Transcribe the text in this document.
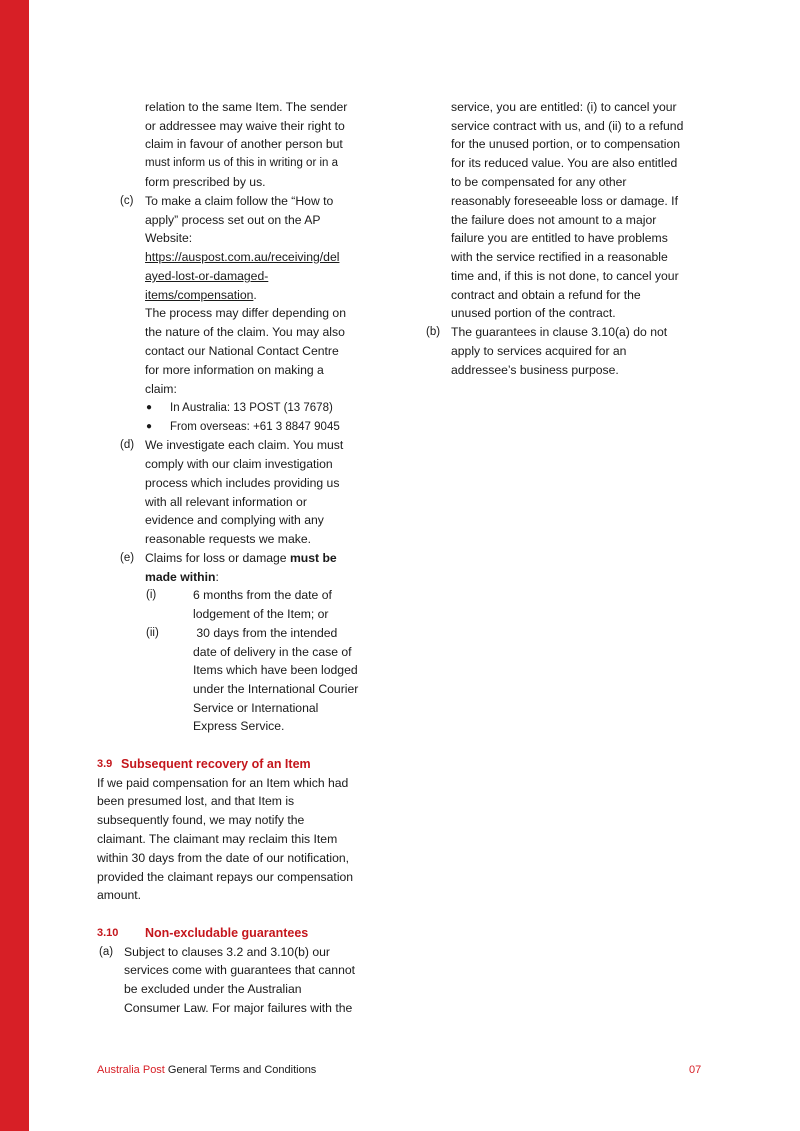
relation to the same Item. The sender
or addressee may waive their right to
claim in favour of another person but
must inform us of this in writing or in a
form prescribed by us.
(c) To make a claim follow the “How to
apply” process set out on the AP
Website:
https://auspost.com.au/receiving/del
ayed-lost-or-damaged-
items/compensation.
The process may differ depending on
the nature of the claim. You may also
contact our National Contact Centre
for more information on making a
claim:
● In Australia: 13 POST (13 7678)
● From overseas: +61 3 8847 9045
(d) We investigate each claim. You must
comply with our claim investigation
process which includes providing us
with all relevant information or
evidence and complying with any
reasonable requests we make.
(e) Claims for loss or damage must be
made within:
(i)	6 months from the date of
lodgement of the Item; or
(ii)	30 days from the intended
date of delivery in the case of
Items which have been lodged
under the International Courier
Service or International
Express Service.
3.9 Subsequent recovery of an Item
If we paid compensation for an Item which had
been presumed lost, and that Item is
subsequently found, we may notify the
claimant. The claimant may reclaim this Item
within 30 days from the date of our notification,
provided the claimant repays our compensation
amount.
3.10 Non-excludable guarantees
(a) Subject to clauses 3.2 and 3.10(b) our
services come with guarantees that cannot
be excluded under the Australian
Consumer Law. For major failures with the
service, you are entitled: (i) to cancel your
service contract with us, and (ii) to a refund
for the unused portion, or to compensation
for its reduced value. You are also entitled
to be compensated for any other
reasonably foreseeable loss or damage. If
the failure does not amount to a major
failure you are entitled to have problems
with the service rectified in a reasonable
time and, if this is not done, to cancel your
contract and obtain a refund for the
unused portion of the contract.
(b) The guarantees in clause 3.10(a) do not
apply to services acquired for an
addressee’s business purpose.
Australia Post General Terms and Conditions	07
